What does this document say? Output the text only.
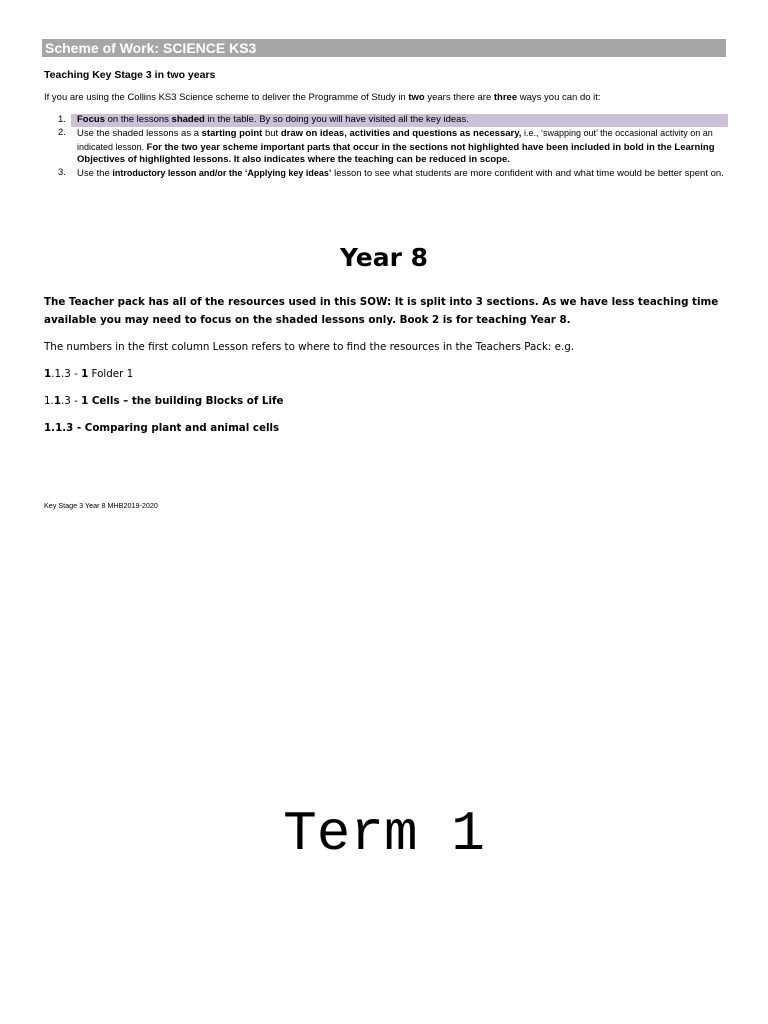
Scheme of Work: SCIENCE KS3
Teaching Key Stage 3 in two years
If you are using the Collins KS3 Science scheme to deliver the Programme of Study in two years there are three ways you can do it:
1. Focus on the lessons shaded in the table. By so doing you will have visited all the key ideas.
2. Use the shaded lessons as a starting point but draw on ideas, activities and questions as necessary, i.e., ‘swapping out’ the occasional activity on an indicated lesson. For the two year scheme important parts that occur in the sections not highlighted have been included in bold in the Learning Objectives of highlighted lessons. It also indicates where the teaching can be reduced in scope.
3. Use the introductory lesson and/or the ‘Applying key ideas’ lesson to see what students are more confident with and what time would be better spent on.
Year 8
The Teacher pack has all of the resources used in this SOW: It is split into 3 sections. As we have less teaching time available you may need to focus on the shaded lessons only. Book 2 is for teaching Year 8.
The numbers in the first column Lesson refers to where to find the resources in the Teachers Pack: e.g.
1.1.3 - 1 Folder 1
1.1.3 - 1 Cells – the building Blocks of Life
1.1.3 - Comparing plant and animal cells
Key Stage 3 Year 8 MHB2019-2020
Term 1
